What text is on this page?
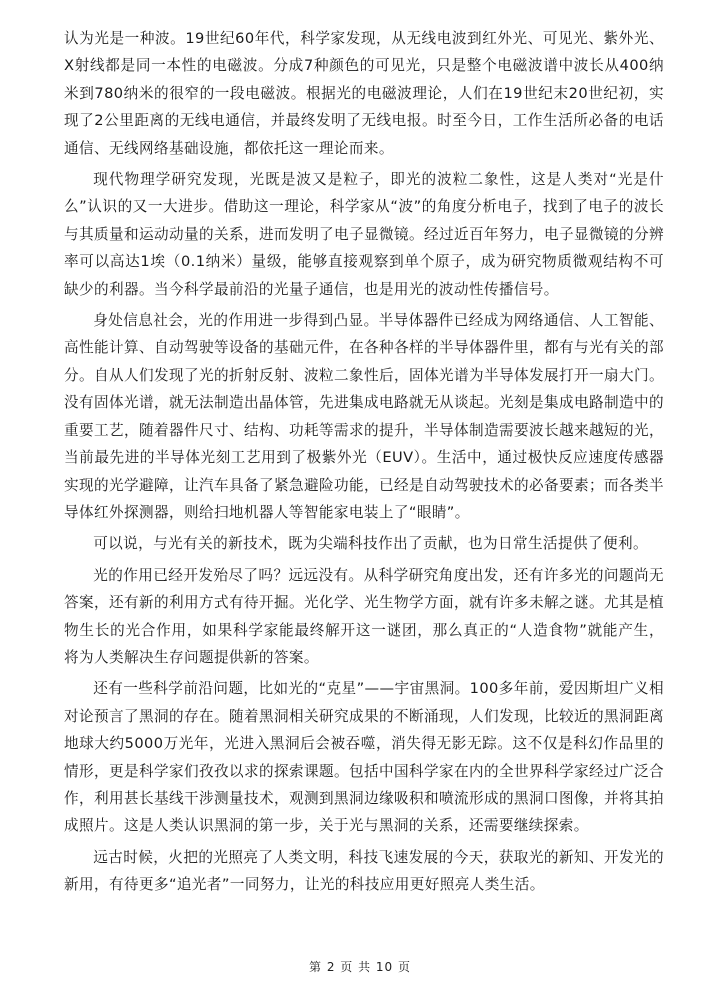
认为光是一种波。19世纪60年代，科学家发现，从无线电波到红外光、可见光、紫外光、X射线都是同一本性的电磁波。分成7种颜色的可见光，只是整个电磁波谱中波长从400纳米到780纳米的很窄的一段电磁波。根据光的电磁波理论，人们在19世纪末20世纪初，实现了2公里距离的无线电通信，并最终发明了无线电报。时至今日，工作生活所必备的电话通信、无线网络基础设施，都依托这一理论而来。

现代物理学研究发现，光既是波又是粒子，即光的波粒二象性，这是人类对“光是什么”认识的又一大进步。借助这一理论，科学家从“波”的角度分析电子，找到了电子的波长与其质量和运动动量的关系，进而发明了电子显微镜。经过近百年努力，电子显微镜的分辨率可以高达1埃（0.1纳米）量级，能够直接观察到单个原子，成为研究物质微观结构不可缺少的利器。当今科学最前沿的光量子通信，也是用光的波动性传播信号。

身处信息社会，光的作用进一步得到凸显。半导体器件已经成为网络通信、人工智能、高性能计算、自动驾驶等设备的基础元件，在各种各样的半导体器件里，都有与光有关的部分。自从人们发现了光的折射反射、波粒二象性后，固体光谱为半导体发展打开一扇大门。没有固体光谱，就无法制造出晶体管，先进集成电路就无从谈起。光刻是集成电路制造中的重要工艺，随着器件尺寸、结构、功耗等需求的提升，半导体制造需要波长越来越短的光，当前最先进的半导体光刻工艺用到了极紫外光（EUV）。生活中，通过极快反应速度传感器实现的光学避障，让汽车具备了紧急避险功能，已经是自动驾驶技术的必备要素；而各类半导体红外探测器，则给扫地机器人等智能家电装上了“眼睛”。

可以说，与光有关的新技术，既为尖端科技作出了贡献，也为日常生活提供了便利。

光的作用已经开发殆尽了吗？远远没有。从科学研究角度出发，还有许多光的问题尚无答案，还有新的利用方式有待开掘。光化学、光生物学方面，就有许多未解之谜。尤其是植物生长的光合作用，如果科学家能最终解开这一谜团，那么真正的“人造食物”就能产生，将为人类解决生存问题提供新的答案。

还有一些科学前沿问题，比如光的“克星”——宇宙黑洞。100多年前，爱因斯坦广义相对论预言了黑洞的存在。随着黑洞相关研究成果的不断涌现，人们发现，比较近的黑洞距离地球大约5000万光年，光进入黑洞后会被吞噬，消失得无影无踪。这不仅是科幻作品里的情形，更是科学家们孜孜以求的探索课题。包括中国科学家在内的全世界科学家经过广泛合作，利用甚长基线干涉测量技术，观测到黑洞边缘吸积和喷流形成的黑洞口图像，并将其拍成照片。这是人类认识黑洞的第一步，关于光与黑洞的关系，还需要继续探索。

远古时候，火把的光照亮了人类文明，科技飞速发展的今天，获取光的新知、开发光的新用，有待更多“追光者”一同努力，让光的科技应用更好照亮人类生活。

第 2 页 共 10 页
